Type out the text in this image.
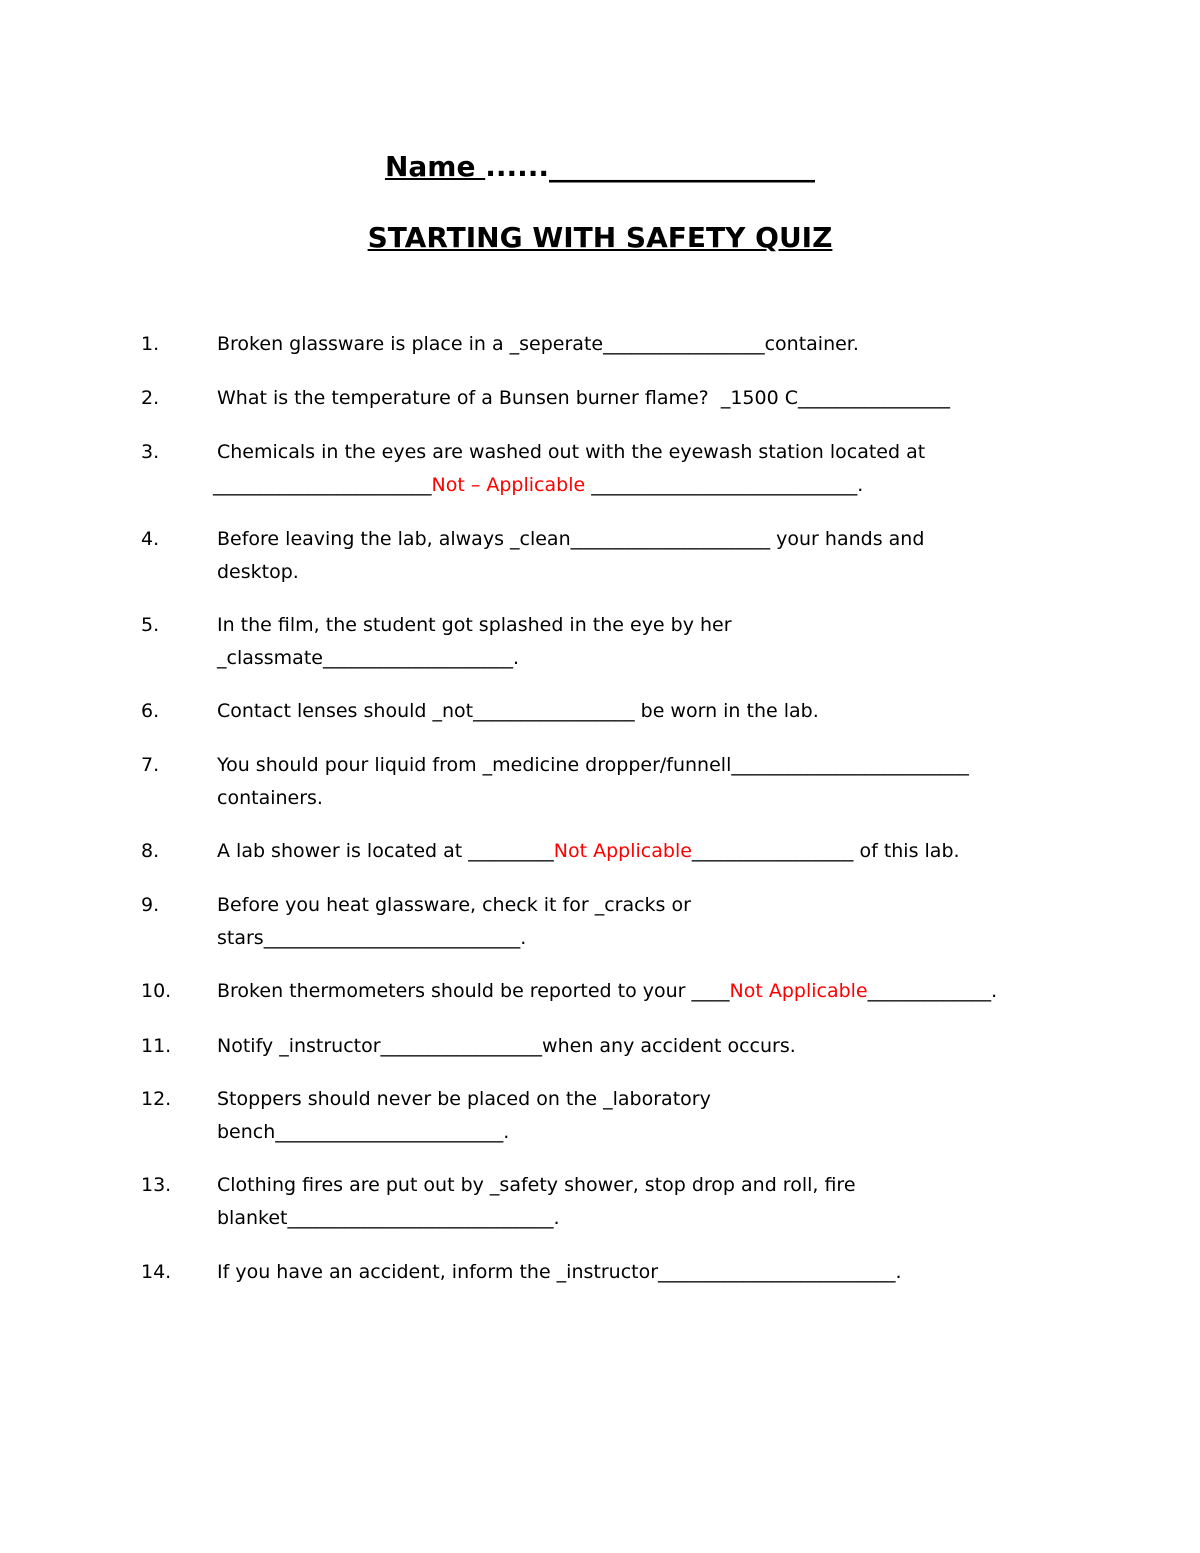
Name ......___________________
STARTING WITH SAFETY QUIZ

1.

	Broken glassware is place in a _seperate_________________container.

2.

	What is the temperature of a Bunsen burner flame?  _1500 C________________

3.

	Chemicals in the eyes are washed out with the eyewash station located at

_______________________Not – Applicable ____________________________.

4.

	Before leaving the lab, always _clean_____________________ your hands and

desktop.

5.

	In the film, the student got splashed in the eye by her

_classmate____________________.

6.

	Contact lenses should _not_________________ be worn in the lab.

7.

	You should pour liquid from _medicine dropper/funnell_________________________

containers.

8.

	A lab shower is located at _________Not Applicable_________________ of this lab.

9.

	Before you heat glassware, check it for _cracks or

stars___________________________.

10.

Broken thermometers should be reported to your ____Not Applicable_____________.

11.

Notify _instructor_________________when any accident occurs.

12.

Stoppers should never be placed on the _laboratory

bench________________________.

13.

Clothing fires are put out by _safety shower, stop drop and roll, fire

blanket____________________________.

14.

If you have an accident, inform the _instructor_________________________.
